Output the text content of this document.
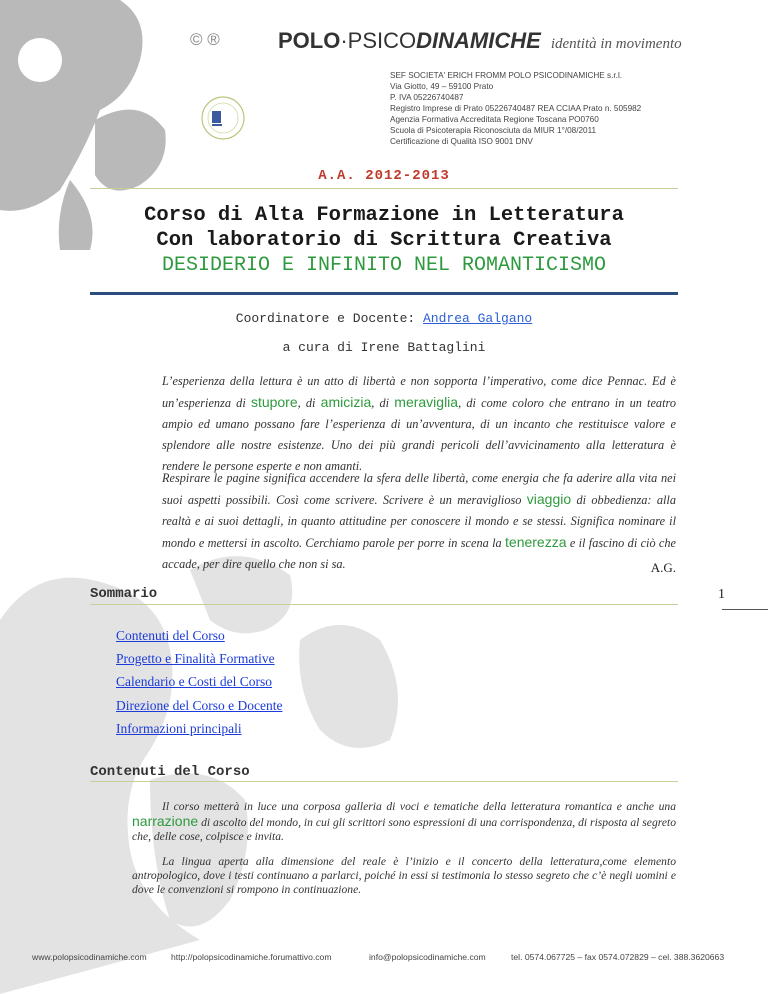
© ®	POLO·PSICODINAMICHE identità in movimento
SEF SOCIETA' ERICH FROMM POLO PSICODINAMICHE s.r.l.
Via Giotto, 49 – 59100 Prato
P. IVA 05226740487
Registro Imprese di Prato 05226740487 REA CCIAA Prato n. 505982
Agenzia Formativa Accreditata Regione Toscana PO0760
Scuola di Psicoterapia Riconosciuta da MIUR 1°/08/2011
Certificazione di Qualità ISO 9001 DNV
A.A. 2012-2013
Corso di Alta Formazione in Letteratura
Con laboratorio di Scrittura Creativa
DESIDERIO E INFINITO NEL ROMANTICISMO
Coordinatore e Docente: Andrea Galgano
a cura di Irene Battaglini

L’esperienza della lettura è un atto di libertà e non sopporta l’imperativo, come dice Pennac. Ed è un’esperienza di stupore, di amicizia, di meraviglia, di come coloro che entrano in un teatro ampio ed umano possano fare l’esperienza di un’avventura, di un incanto che restituisce valore e splendore alle nostre esistenze. Uno dei più grandi pericoli dell’avvicinamento alla letteratura è rendere le persone esperte e non amanti.

Respirare le pagine significa accendere la sfera delle libertà, come energia che fa aderire alla vita nei suoi aspetti possibili. Così come scrivere. Scrivere è un meraviglioso viaggio di obbedienza: alla realtà e ai suoi dettagli, in quanto attitudine per conoscere il mondo e se stessi. Significa nominare il mondo e mettersi in ascolto. Cerchiamo parole per porre in scena la tenerezza e il fascino di ciò che accade, per dire quello che non si sa.	A.G.
Sommario	1
Contenuti del Corso
Progetto e Finalità Formative
Calendario e Costi del Corso
Direzione del Corso e Docente
Informazioni principali
Contenuti del Corso

Il corso metterà in luce una corposa galleria di voci e tematiche della letteratura romantica e anche una narrazione di ascolto del mondo, in cui gli scrittori sono espressioni di una corrispondenza, di risposta al segreto che, delle cose, colpisce e invita.

La lingua aperta alla dimensione del reale è l’inizio e il concerto della letteratura,come elemento antropologico, dove i testi continuano a parlarci, poiché in essi si testimonia lo stesso segreto che c’è negli uomini e dove le convenzioni si rompono in continuazione.

www.polopsicodinamiche.com	http://polopsicodinamiche.forumattivo.com	info@polopsicodinamiche.com	tel. 0574.067725 – fax 0574.072829 – cel. 388.3620663
